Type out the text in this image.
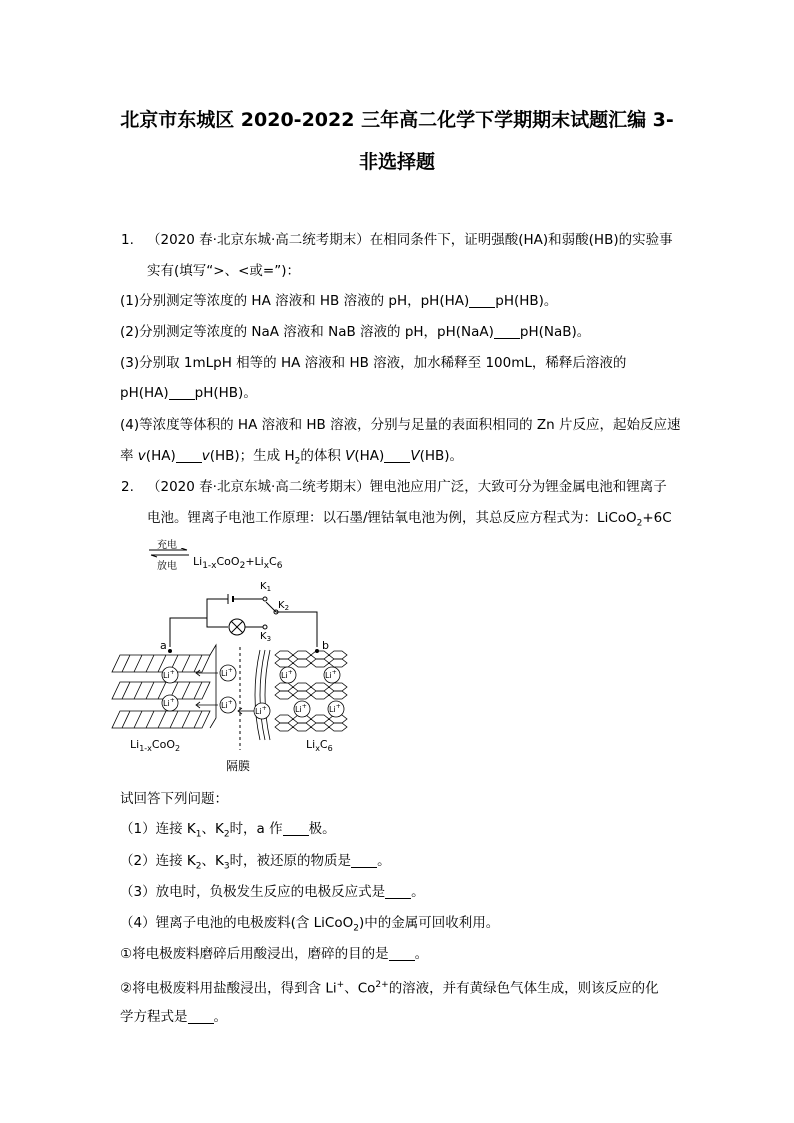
北京市东城区 2020-2022 三年高二化学下学期期末试题汇编 3-
非选择题
1. （2020 春·北京东城·高二统考期末）在相同条件下，证明强酸(HA)和弱酸(HB)的实验事
实有(填写“>、<或=”)：
(1)分别测定等浓度的 HA 溶液和 HB 溶液的 pH，pH(HA) pH(HB)。
(2)分别测定等浓度的 NaA 溶液和 NaB 溶液的 pH，pH(NaA) pH(NaB)。
(3)分别取 1mLpH 相等的 HA 溶液和 HB 溶液，加水稀释至 100mL，稀释后溶液的
pH(HA) pH(HB)。
(4)等浓度等体积的 HA 溶液和 HB 溶液，分别与足量的表面积相同的 Zn 片反应，起始反应速
率 v(HA) v(HB)；生成 $H_2$的体积 V(HA) V(HB)。
2. （2020 春·北京东城·高二统考期末）锂电池应用广泛，大致可分为锂金属电池和锂离子
电池。锂离子电池工作原理：以石墨/锂钴氧电池为例，其总反应方程式为：LiCoO$_2$+6C
充电
放电 $Li_{1-x}CoO_2+Li_xC_6$
$K_1$
$K_2$
$K_3$
a	b
Li+
Li+
Li+
Li+
Li+	Li+
Li+	Li+
Li+
$Li_{1-x}CoO_2$	$Li_xC_6$
隔膜
试回答下列问题：
（1）连接 $K_1$、$K_2$时，a 作 极。
（2）连接 $K_2$、$K_3$时，被还原的物质是 。
（3）放电时，负极发生反应的电极反应式是 。
（4）锂离子电池的电极废料(含 LiCoO$_2$)中的金属可回收利用。
①将电极废料磨碎后用酸浸出，磨碎的目的是 。
②将电极废料用盐酸浸出，得到含 Li+、$Co^{2+}$的溶液，并有黄绿色气体生成，则该反应的化
学方程式是 。
